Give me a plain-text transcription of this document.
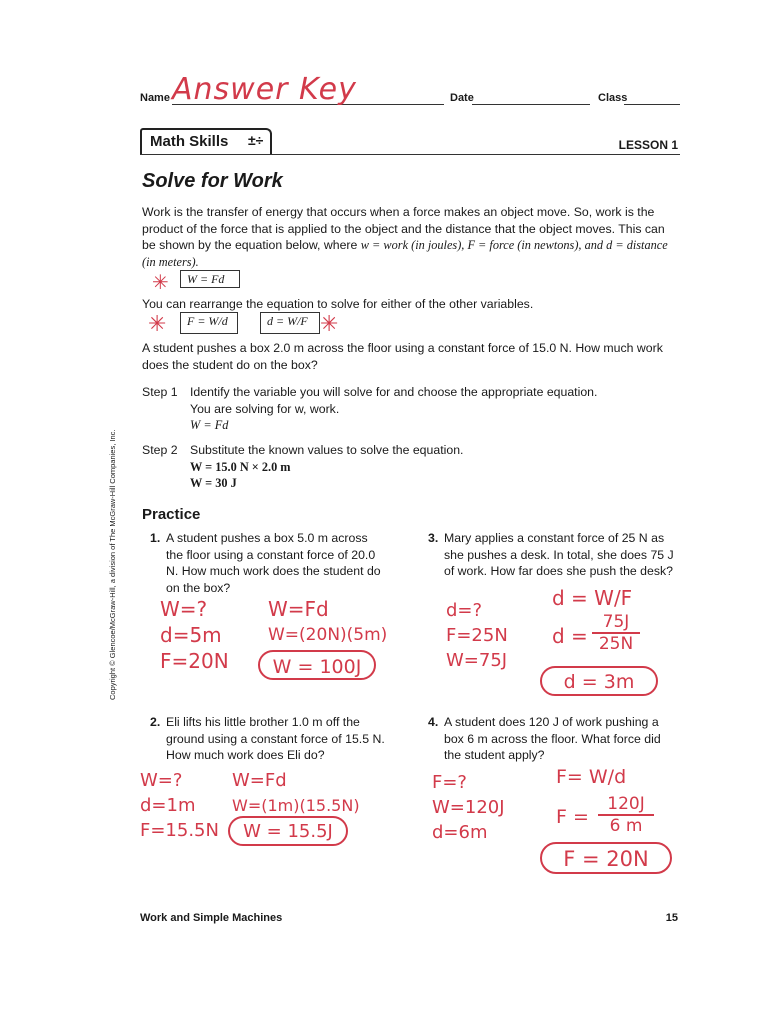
Name Answer Key	Date	Class
Math Skills ±÷	LESSON 1
Solve for Work
Work is the transfer of energy that occurs when a force makes an object move. So, work is the product of the force that is applied to the object and the distance that the object moves. This can be shown by the equation below, where w = work (in joules), F = force (in newtons), and d = distance (in meters).
✳	W = Fd
You can rearrange the equation to solve for either of the other variables.
✳	F = W/d	d = W/F ✳
A student pushes a box 2.0 m across the floor using a constant force of 15.0 N. How much work does the student do on the box?
Step 1 Identify the variable you will solve for and choose the appropriate equation.
You are solving for w, work.
W = Fd
Step 2 Substitute the known values to solve the equation.
W = 15.0 N × 2.0 m
W = 30 J
Practice
1. A student pushes a box 5.0 m across the floor using a constant force of 20.0 N. How much work does the student do on the box?
W=?
d=5m
F=20N
W=Fd
W=(20N)(5m)
W = 100J
2. Eli lifts his little brother 1.0 m off the ground using a constant force of 15.5 N. How much work does Eli do?
W=?
d=1m
F=15.5N
W=Fd
W=(1m)(15.5N)
W = 15.5J
3. Mary applies a constant force of 25 N as she pushes a desk. In total, she does 75 J of work. How far does she push the desk?
d=?
F=25N
W=75J
d = W/F
$d = \frac{75J}{25N}$
d = 3m
4. A student does 120 J of work pushing a box 6 m across the floor. What force did the student apply?
F=?
W=120J
d=6m
F= W/d
$F = \frac{120J}{6 m}$
F = 20N
Copyright © Glencoe/McGraw-Hill, a division of The McGraw-Hill Companies, Inc.
Work and Simple Machines	15
